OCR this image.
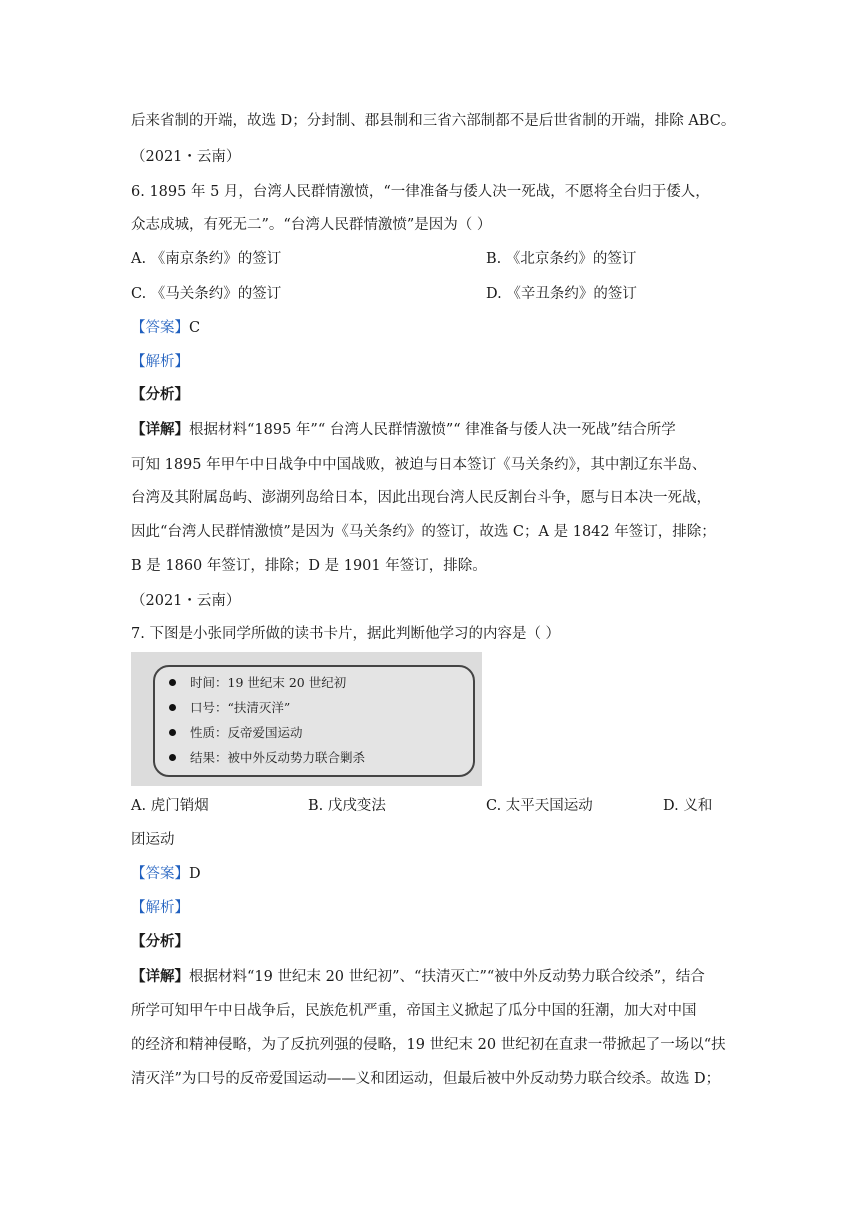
后来省制的开端，故选 D；分封制、郡县制和三省六部制都不是后世省制的开端，排除 ABC。
（2021・云南）
6. 1895 年 5 月，台湾人民群情激愤，“一律准备与倭人决一死战，不愿将全台归于倭人，
众志成城，有死无二”。“台湾人民群情激愤”是因为（ ）
A. 《南京条约》的签订	B. 《北京条约》的签订
C. 《马关条约》的签订	D. 《辛丑条约》的签订
【答案】C
【解析】
【分析】
【详解】根据材料“1895 年”“ 台湾人民群情激愤”“ 律准备与倭人决一死战”结合所学
可知 1895 年甲午中日战争中中国战败，被迫与日本签订《马关条约》，其中割辽东半岛、
台湾及其附属岛屿、澎湖列岛给日本，因此出现台湾人民反割台斗争，愿与日本决一死战，
因此“台湾人民群情激愤”是因为《马关条约》的签订，故选 C；A 是 1842 年签订，排除；
B 是 1860 年签订，排除；D 是 1901 年签订，排除。
（2021・云南）
7. 下图是小张同学所做的读书卡片，据此判断他学习的内容是（ ）
时间：19 世纪末 20 世纪初
口号：“扶清灭洋”
性质：反帝爱国运动
结果：被中外反动势力联合剿杀
A. 虎门销烟	B. 戊戌变法	C. 太平天国运动	D. 义和
团运动
【答案】D
【解析】
【分析】
【详解】根据材料“19 世纪末 20 世纪初”、“扶清灭亡”“被中外反动势力联合绞杀”，结合
所学可知甲午中日战争后，民族危机严重，帝国主义掀起了瓜分中国的狂潮，加大对中国
的经济和精神侵略，为了反抗列强的侵略，19 世纪末 20 世纪初在直隶一带掀起了一场以“扶
清灭洋”为口号的反帝爱国运动——义和团运动，但最后被中外反动势力联合绞杀。故选 D；
